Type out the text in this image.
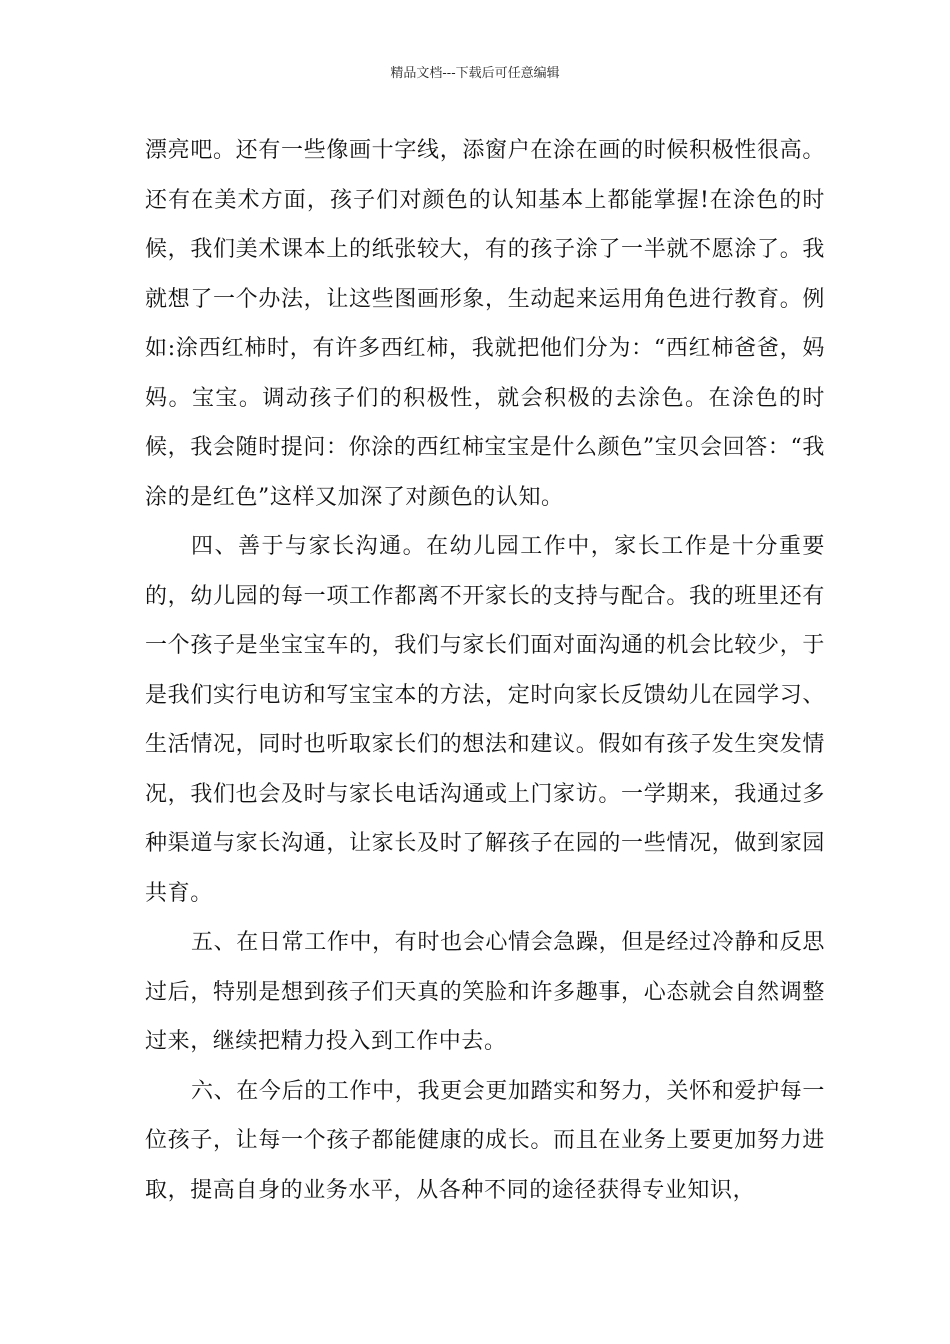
精品文档---下载后可任意编辑

漂亮吧。还有一些像画十字线，添窗户在涂在画的时候积极性很高。还有在美术方面，孩子们对颜色的认知基本上都能掌握!在涂色的时候，我们美术课本上的纸张较大，有的孩子涂了一半就不愿涂了。我就想了一个办法，让这些图画形象，生动起来运用角色进行教育。例如:涂西红柿时，有许多西红柿，我就把他们分为：“西红柿爸爸，妈妈。宝宝。调动孩子们的积极性，就会积极的去涂色。在涂色的时候，我会随时提问：你涂的西红柿宝宝是什么颜色”宝贝会回答：“我涂的是红色”这样又加深了对颜色的认知。

四、善于与家长沟通。在幼儿园工作中，家长工作是十分重要的，幼儿园的每一项工作都离不开家长的支持与配合。我的班里还有一个孩子是坐宝宝车的，我们与家长们面对面沟通的机会比较少，于是我们实行电访和写宝宝本的方法，定时向家长反馈幼儿在园学习、生活情况，同时也听取家长们的想法和建议。假如有孩子发生突发情况，我们也会及时与家长电话沟通或上门家访。一学期来，我通过多种渠道与家长沟通，让家长及时了解孩子在园的一些情况，做到家园共育。

五、在日常工作中，有时也会心情会急躁，但是经过冷静和反思过后，特别是想到孩子们天真的笑脸和许多趣事，心态就会自然调整过来，继续把精力投入到工作中去。

六、在今后的工作中，我更会更加踏实和努力，关怀和爱护每一位孩子，让每一个孩子都能健康的成长。而且在业务上要更加努力进取，提高自身的业务水平，从各种不同的途径获得专业知识，
